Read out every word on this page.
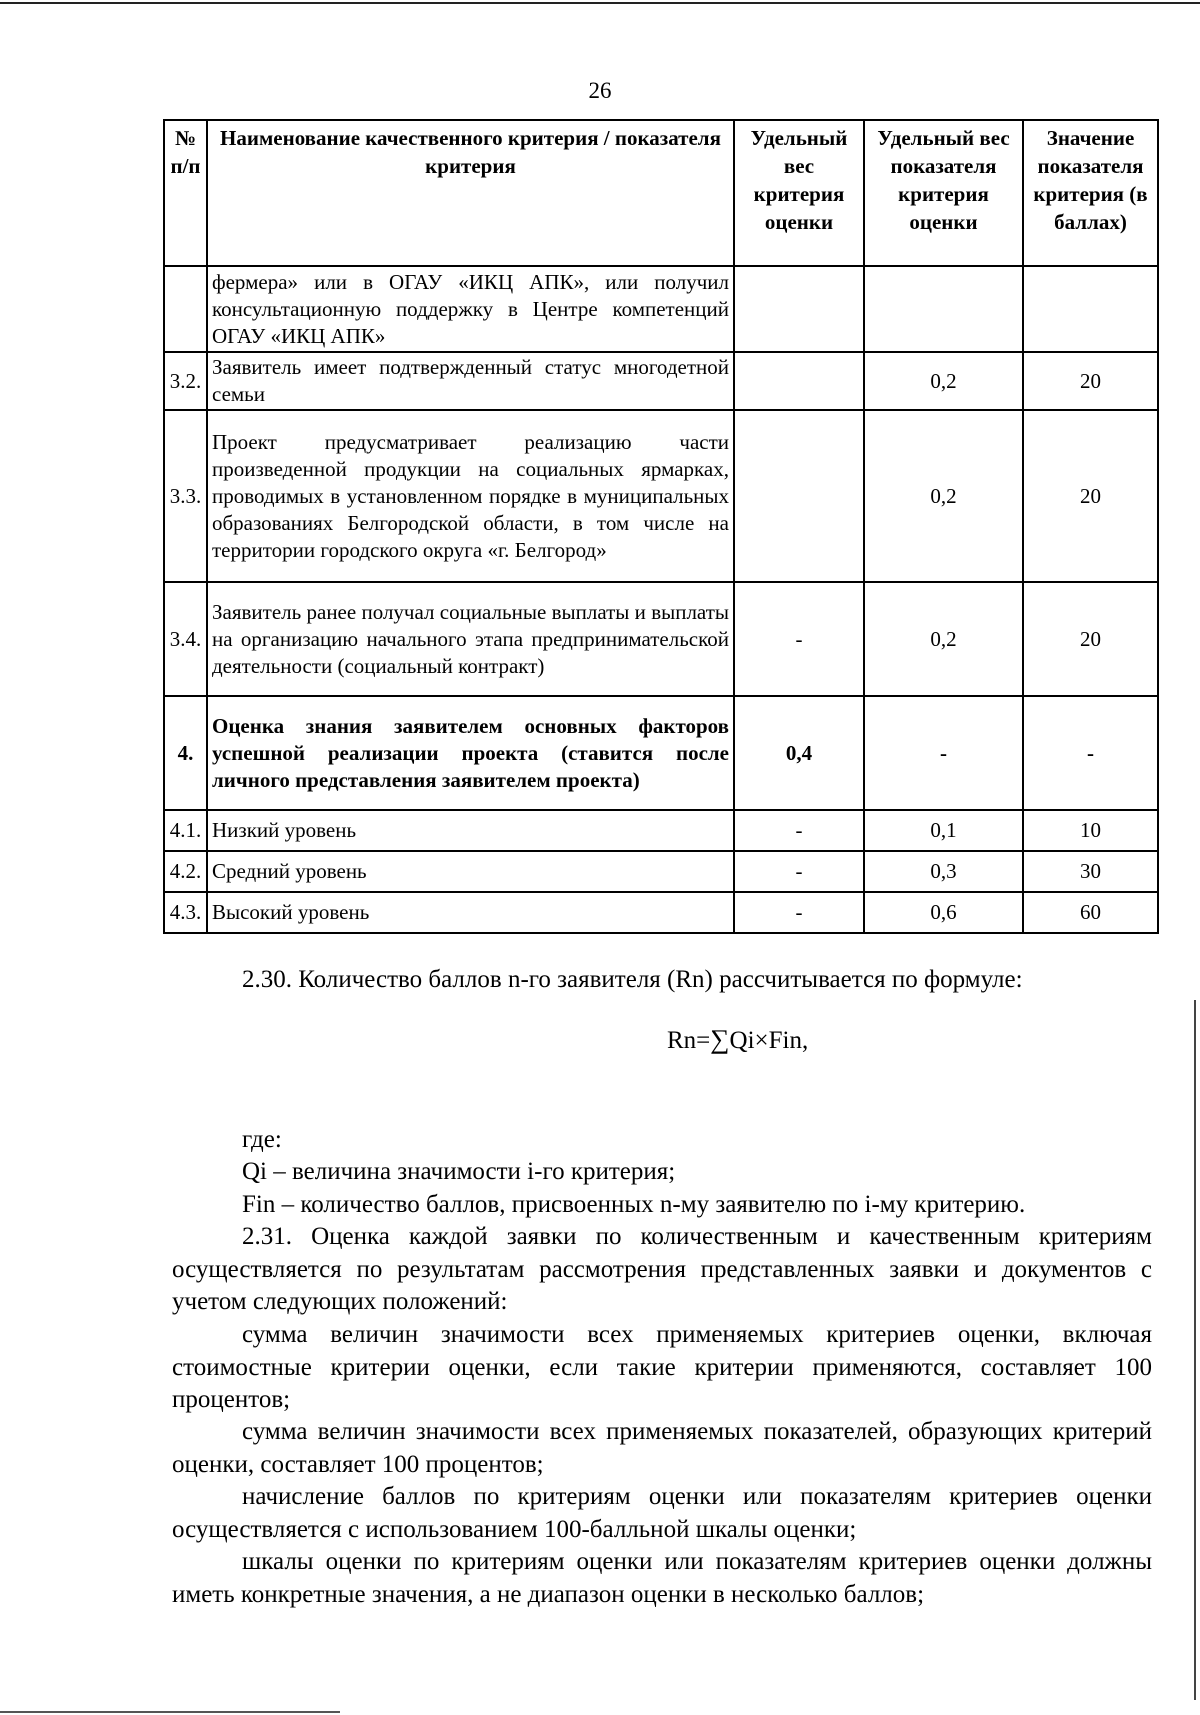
26
№ п/п	Наименование качественного критерия / показателя критерия	Удельный вес критерия оценки	Удельный вес показателя критерия оценки	Значение показателя критерия (в баллах)
	фермера» или в ОГАУ «ИКЦ АПК», или получил консультационную поддержку в Центре компетенций ОГАУ «ИКЦ АПК»			
3.2.	Заявитель имеет подтвержденный статус многодетной семьи		0,2	20
3.3.	Проект предусматривает реализацию части произведенной продукции на социальных ярмарках, проводимых в установленном порядке в муниципальных образованиях Белгородской области, в том числе на территории городского округа «г. Белгород»		0,2	20
3.4.	Заявитель ранее получал социальные выплаты и выплаты на организацию начального этапа предпринимательской деятельности (социальный контракт)	-	0,2	20
4.	Оценка знания заявителем основных факторов успешной реализации проекта (ставится после личного представления заявителем проекта)	0,4	-	-
4.1.	Низкий уровень	-	0,1	10
4.2.	Средний уровень	-	0,3	30
4.3.	Высокий уровень	-	0,6	60
2.30. Количество баллов n-го заявителя (Rn) рассчитывается по формуле:
Rn=∑Qi×Fin,
где:
Qi – величина значимости i-го критерия;
Fin – количество баллов, присвоенных n-му заявителю по i-му критерию.
2.31. Оценка каждой заявки по количественным и качественным критериям осуществляется по результатам рассмотрения представленных заявки и документов с учетом следующих положений:
сумма величин значимости всех применяемых критериев оценки, включая стоимостные критерии оценки, если такие критерии применяются, составляет 100 процентов;
сумма величин значимости всех применяемых показателей, образующих критерий оценки, составляет 100 процентов;
начисление баллов по критериям оценки или показателям критериев оценки осуществляется с использованием 100-балльной шкалы оценки;
шкалы оценки по критериям оценки или показателям критериев оценки должны иметь конкретные значения, а не диапазон оценки в несколько баллов;
